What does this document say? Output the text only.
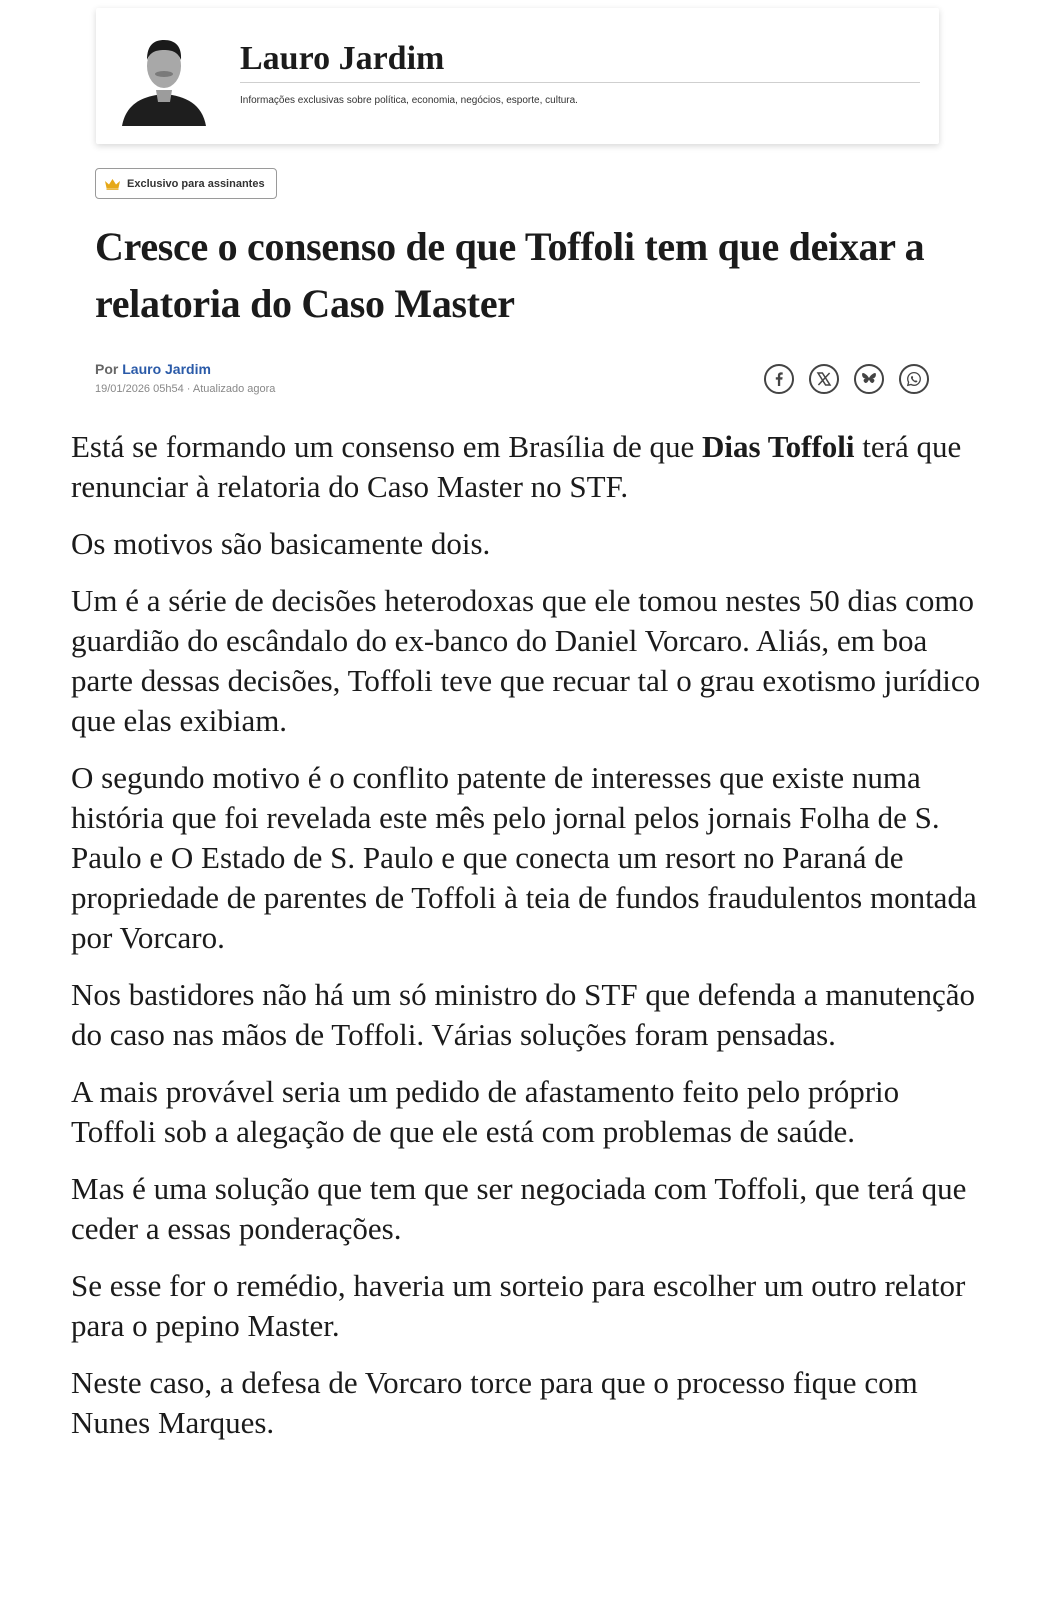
Lauro Jardim

Informações exclusivas sobre política, economia, negócios, esporte, cultura.

Exclusivo para assinantes
Cresce o consenso de que Toffoli tem que deixar a relatoria do Caso Master
Por Lauro Jardim
19/01/2026 05h54 · Atualizado agora

Está se formando um consenso em Brasília de que Dias Toffoli terá que renunciar à relatoria do Caso Master no STF.

Os motivos são basicamente dois.

Um é a série de decisões heterodoxas que ele tomou nestes 50 dias como guardião do escândalo do ex-banco do Daniel Vorcaro. Aliás, em boa parte dessas decisões, Toffoli teve que recuar tal o grau exotismo jurídico que elas exibiam.

O segundo motivo é o conflito patente de interesses que existe numa história que foi revelada este mês pelo jornal pelos jornais Folha de S. Paulo e O Estado de S. Paulo e que conecta um resort no Paraná de propriedade de parentes de Toffoli à teia de fundos fraudulentos montada por Vorcaro.

Nos bastidores não há um só ministro do STF que defenda a manutenção do caso nas mãos de Toffoli. Várias soluções foram pensadas.

A mais provável seria um pedido de afastamento feito pelo próprio Toffoli sob a alegação de que ele está com problemas de saúde.

Mas é uma solução que tem que ser negociada com Toffoli, que terá que ceder a essas ponderações.

Se esse for o remédio, haveria um sorteio para escolher um outro relator para o pepino Master.

Neste caso, a defesa de Vorcaro torce para que o processo fique com Nunes Marques.
